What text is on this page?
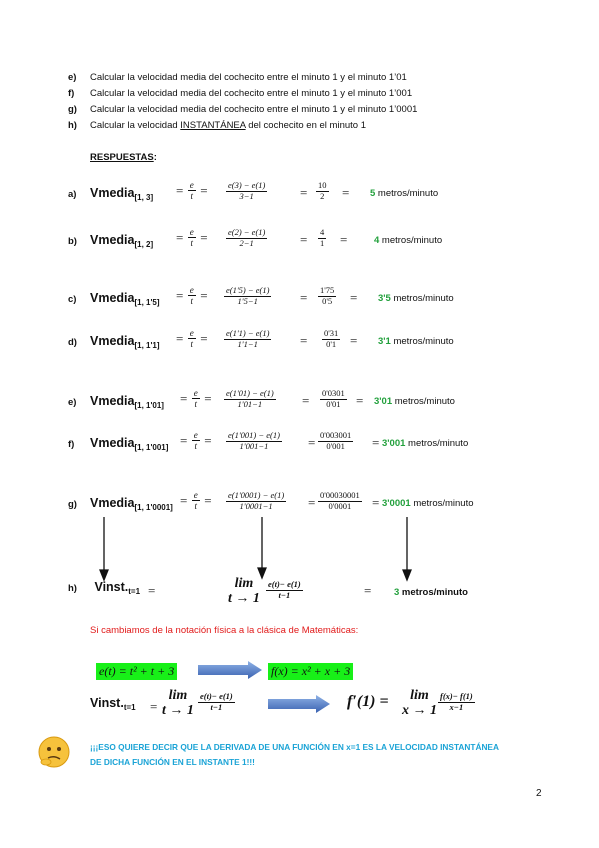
e) Calcular la velocidad media del cochecito entre el minuto 1 y el minuto 1’01
f) Calcular la velocidad media del cochecito entre el minuto 1 y el minuto 1’001
g) Calcular la velocidad media del cochecito entre el minuto 1 y el minuto 1’0001
h) Calcular la velocidad INSTANTÁNEA del cochecito en el minuto 1
RESPUESTAS:
a) Vmedia$_{[1, 3]}$ = $\frac{e}{t} = \frac{e(3) - e(1)}{3-1}$	= $\frac{10}{2} = 5$ metros/minuto
b) Vmedia$_{[1, 2]}$ = $\frac{e}{t} = \frac{e(2) - e(1)}{2-1}$	= $\frac{4}{1}$ =	4 metros/minuto
c) Vmedia$_{[1, 1'5]}$ = $\frac{e}{t} = \frac{e(1'5) - e(1)}{1'5-1} = \frac{1'75}{0'5} = 3'5$ metros/minuto
d) Vmedia$_{[1, 1'1]}$ = $\frac{e}{t} = \frac{e(1'1) - e(1)}{1'1-1} = \frac{0'31}{0'1} = 3'1$ metros/minuto
e) Vmedia$_{[1, 1'01]}$ = $\frac{e}{t} = \frac{e(1'01) - e(1)}{1'01-1} = \frac{0'0301}{0'01} = 3'01$ metros/minuto
f) Vmedia$_{[1, 1'001]}$ = $\frac{e}{t} = \frac{e(1'001) - e(1)}{1'001-1} = \frac{0'003001}{0'001} = 3'001$ metros/minuto
g) Vmedia$_{[1, 1'0001]}$ = $\frac{e}{t} = \frac{e(1'0001) - e(1)}{1'0001-1} = \frac{0'00030001}{0'0001} = 3'0001$ metros/minuto
h) $Vinst._{t=1}$ =	lim
$t \to 1 \frac{e(t)- e(1)}{t-1}$	= 3 metros/minuto
Si cambiamos de la notación física a la clásica de Matemáticas:
e(t) = t² + t + 3	f(x) = x² + x + 3
$Vinst._{t=1}$ =
lim
$t \to 1 \frac{e(t)- e(1)}{t-1}$	f′(1) =	lim
$x \to 1 \frac{f(x)- f(1)}{x-1}$
¡¡¡ESO QUIERE DECIR QUE LA DERIVADA DE UNA FUNCIÓN EN x=1 ES LA VELOCIDAD INSTANTÁNEA
DE DICHA FUNCIÓN EN EL INSTANTE 1!!!
2
